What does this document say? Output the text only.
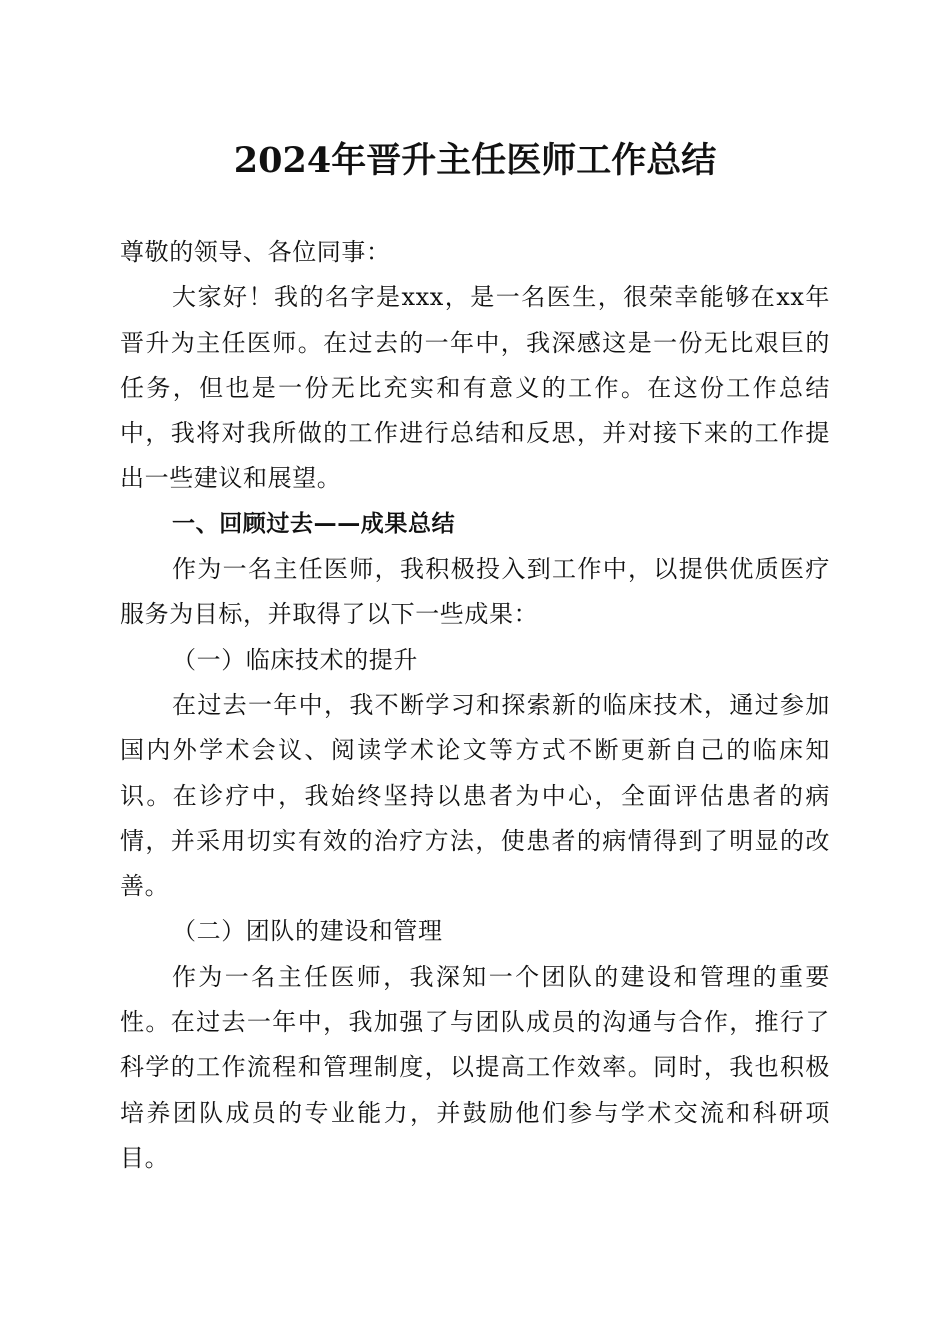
2024年晋升主任医师工作总结

尊敬的领导、各位同事：

大家好！我的名字是xxx，是一名医生，很荣幸能够在xx年晋升为主任医师。在过去的一年中，我深感这是一份无比艰巨的任务，但也是一份无比充实和有意义的工作。在这份工作总结中，我将对我所做的工作进行总结和反思，并对接下来的工作提出一些建议和展望。

一、回顾过去——成果总结

作为一名主任医师，我积极投入到工作中，以提供优质医疗服务为目标，并取得了以下一些成果：

（一）临床技术的提升

在过去一年中，我不断学习和探索新的临床技术，通过参加国内外学术会议、阅读学术论文等方式不断更新自己的临床知识。在诊疗中，我始终坚持以患者为中心，全面评估患者的病情，并采用切实有效的治疗方法，使患者的病情得到了明显的改善。

（二）团队的建设和管理

作为一名主任医师，我深知一个团队的建设和管理的重要性。在过去一年中，我加强了与团队成员的沟通与合作，推行了科学的工作流程和管理制度，以提高工作效率。同时，我也积极培养团队成员的专业能力，并鼓励他们参与学术交流和科研项目。
